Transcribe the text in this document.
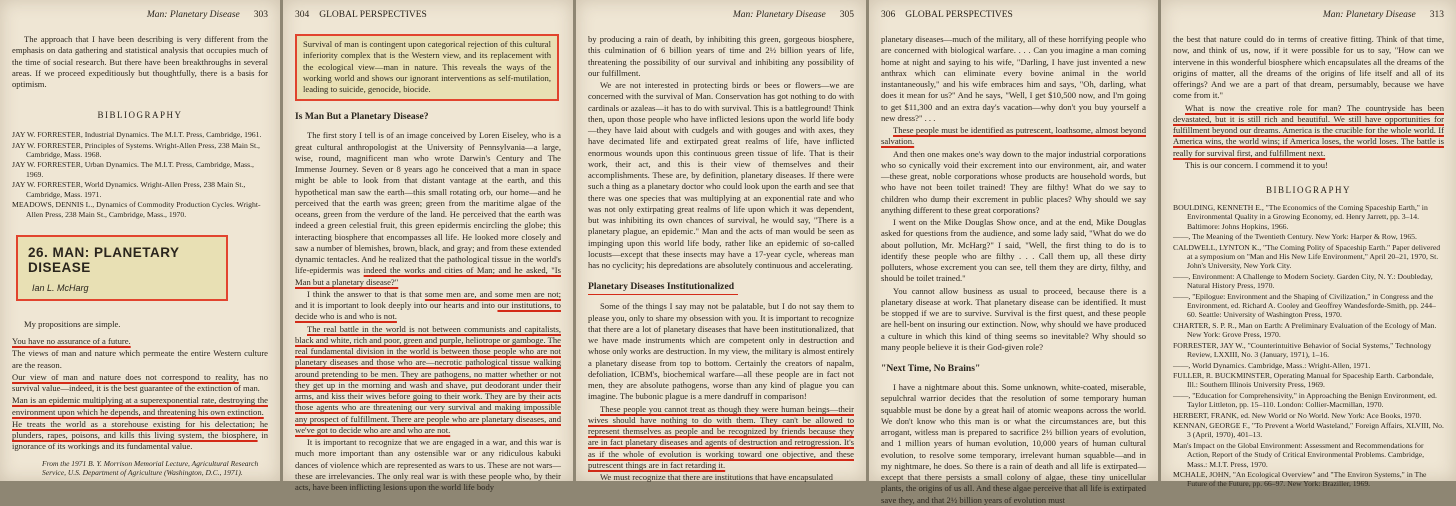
303
Man: Planetary Disease

The approach that I have been describing is very different from the emphasis on data gathering and statistical analysis that occupies much of the time of social research. But there have been breakthroughs in several areas. If we proceed expeditiously but thoughtfully, there is a basis for optimism.

BIBLIOGRAPHY
JAY W. FORRESTER, Industrial Dynamics. The M.I.T. Press, Cambridge, 1961.
JAY W. FORRESTER, Principles of Systems. Wright-Allen Press, 238 Main St., Cambridge, Mass. 1968.
JAY W. FORRESTER, Urban Dynamics. The M.I.T. Press, Cambridge, Mass., 1969.
JAY W. FORRESTER, World Dynamics. Wright-Allen Press, 238 Main St., Cambridge, Mass. 1971.
MEADOWS, DENNIS L., Dynamics of Commodity Production Cycles. Wright-Allen Press, 238 Main St., Cambridge, Mass., 1970.
26. MAN: PLANETARY DISEASE
Ian L. McHarg

My propositions are simple.

You have no assurance of a future.

The views of man and nature which permeate the entire Western culture are the reason.

Our view of man and nature does not correspond to reality, has no survival value—indeed, it is the best guarantee of the extinction of man.

Man is an epidemic multiplying at a superexponential rate, destroying the environment upon which he depends, and threatening his own extinction.

He treats the world as a storehouse existing for his delectation; he plunders, rapes, poisons, and kills this living system, the biosphere, in ignorance of its workings and its fundamental value.

From the 1971 B. Y. Morrison Memorial Lecture, Agricultural Research Service, U.S. Department of Agriculture (Washington, D.C., 1971).
304 GLOBAL PERSPECTIVES

Survival of man is contingent upon categorical rejection of this cultural inferiority complex that is the Western view, and its replacement with the ecological view—man in nature. This reveals the ways of the working world and shows our ignorant interventions as self-mutilation, leading to suicide, genocide, biocide.

Is Man But a Planetary Disease?

The first story I tell is of an image conceived by Loren Eiseley, who is a great cultural anthropologist at the University of Pennsylvania—a large, wise, round, magnificent man who wrote Darwin's Century and The Immense Journey. Seven or 8 years ago he conceived that a man in space might be able to look from that distant vantage at the earth, and this hypothetical man saw the earth—this small rotating orb, our home—and he perceived that the earth was green; green from the maritime algae of the oceans, green from the verdure of the land. He perceived that the earth was indeed a green celestial fruit, this green epidermis encircling the globe; this interacting biosphere that encompasses all life. He looked more closely and saw a number of blemishes, brown, black, and gray; and from these extended dynamic tentacles. And he realized that the pathological tissue in the world's life-epidermis was indeed the works and cities of Man; and he asked, "Is Man but a planetary disease?"

I think the answer to that is that some men are, and some men are not; and it is important to look deeply into our hearts and into our institutions, to decide who is and who is not.

The real battle in the world is not between communists and capitalists, black and white, rich and poor, green and purple, heliotrope or gamboge. The real fundamental division in the world is between those people who are not planetary diseases and those who are—necrotic pathological tissue walking around pretending to be men. They are pathogens, no matter whether or not they get up in the morning and wash and shave, put deodorant under their arms, and kiss their wives before going to their work. They are by their acts those agents who are threatening our very survival and making impossible any prospect of fulfillment. There are people who are planetary diseases, and we've got to decide who are and who are not.

It is important to recognize that we are engaged in a war, and this war is much more important than any ostensible war or any ridiculous kabuki dances of violence which are represented as wars to us. These are not wars—these are irrelevancies. The only real war is with these people who, by their acts, have been inflicting lesions upon the world life body

305
Man: Planetary Disease

by producing a rain of death, by inhibiting this green, gorgeous biosphere, this culmination of 6 billion years of time and 2½ billion years of life, threatening the possibility of our survival and inhibiting any possibility of our fulfillment.

We are not interested in protecting birds or bees or flowers—we are concerned with the survival of Man. Conservation has got nothing to do with cardinals or azaleas—it has to do with survival. This is a battleground! Think then, upon those people who have inflicted lesions upon the world life body—they have laid about with cudgels and with gouges and with axes, they have decimated life and extirpated great realms of life, have inflicted enormous wounds upon this continuous green tissue of life. That is their work, their act, and this is their view of themselves and their accomplishments. These are, by definition, planetary diseases. If there were such a thing as a planetary doctor who could look upon the earth and see that there was one species that was multiplying at an exponential rate and who was not only extirpating great realms of life upon which it was dependent, but was inhibiting its own chances of survival, he would say, "There is a planetary plague, an epidemic." Man and the acts of man would be seen as impinging upon this world life body, rather like an epidemic of so-called locusts—except that these insects may have a 17-year cycle, whereas man has no cyclicity; his depredations are absolutely continuous and accelerating.

Planetary Diseases Institutionalized

Some of the things I say may not be palatable, but I do not say them to please you, only to share my obsession with you. It is important to recognize that there are a lot of planetary diseases that have been institutionalized, that we have made instruments which are competent only in destruction and whose only works are destruction. In my view, the military is almost entirely a planetary disease from top to bottom. Certainly the creators of napalm, defoliation, ICBM's, biochemical warfare—all these people are in fact not men, they are absolute pathogens, worse than any kind of plague you can imagine. The bubonic plague is a mere dandruff in comparison!

These people you cannot treat as though they were human beings—their wives should have nothing to do with them. They can't be allowed to represent themselves as people and be recognized by friends because they are in fact planetary diseases and agents of destruction and retrogression. It's as if the whole of evolution is working toward one objective, and these putrescent things are in fact retarding it.

We must recognize that there are institutions that have encapsulated

306 GLOBAL PERSPECTIVES

planetary diseases—much of the military, all of these horrifying people who are concerned with biological warfare. . . . Can you imagine a man coming home at night and saying to his wife, "Darling, I have just invented a new anthrax which can eliminate every bovine animal in the world instantaneously," and his wife embraces him and says, "Oh, darling, what does it mean for us?" And he says, "Well, I get $10,500 now, and I'm going to get $11,300 and an extra day's vacation—why don't you buy yourself a new dress?" . . .

These people must be identified as putrescent, loathsome, almost beyond salvation.

And then one makes one's way down to the major industrial corporations who so cynically void their excrement into our environment, air, and water—these great, noble corporations whose products are household words, but who have not been toilet trained! They are filthy! What do we say to children who dump their excrement in public places? Why should we say anything different to these great corporations?

I went on the Mike Douglas Show once, and at the end, Mike Douglas asked for questions from the audience, and some lady said, "What do we do about pollution, Mr. McHarg?" I said, "Well, the first thing to do is to identify these people who are filthy . . . Call them up, all these dirty polluters, whose excrement you can see, tell them they are dirty, filthy, and should be toilet trained."

You cannot allow business as usual to proceed, because there is a planetary disease at work. That planetary disease can be identified. It must be stopped if we are to survive. Survival is the first quest, and these people are hell-bent on insuring our extinction. Now, why should we have produced a culture in which this kind of thing seems so inevitable? Why should so many people believe it is their God-given role?

"Next Time, No Brains"

I have a nightmare about this. Some unknown, white-coated, miserable, sepulchral warrior decides that the resolution of some temporary human squabble must be done by a great hail of atomic weapons across the world. We don't know who this man is or what the circumstances are, but this arrogant, witless man is prepared to sacrifice 2½ billion years of evolution, and 1 million years of human evolution, 10,000 years of human cultural evolution, to resolve some temporary, irrelevant human squabble—and in my nightmare, he does. So there is a rain of death and all life is extirpated—except that there persists a small colony of algae, these tiny unicellular plants, the origins of us all. And these algae perceive that all life is extirpated save they, and that 2½ billion years of evolution must

313
Man: Planetary Disease

the best that nature could do in terms of creative fitting. Think of that time, now, and think of us, now, if it were possible for us to say, "How can we intervene in this wonderful biosphere which encapsulates all the dreams of the origins of matter, all the dreams of the origins of life itself and all of its offerings? And we are a part of that dream, persumably, because we have come from it."

What is now the creative role for man? The countryside has been devastated, but it is still rich and beautiful. We still have opportunities for fulfillment beyond our dreams. America is the crucible for the whole world. If America wins, the world wins; if America loses, the world loses. The battle is really for survival first, and fulfillment next.

This is our concern. I commend it to you!

BIBLIOGRAPHY
BOULDING, KENNETH E., "The Economics of the Coming Spaceship Earth," in Environmental Quality in a Growing Economy, ed. Henry Jarrett, pp. 3–14. Baltimore: Johns Hopkins, 1966.
——, The Meaning of the Twentieth Century. New York: Harper & Row, 1965.
CALDWELL, LYNTON K., "The Coming Polity of Spaceship Earth." Paper delivered at a symposium on "Man and His New Life Environment," April 20–21, 1970, St. John's University, New York City.
——, Environment: A Challenge to Modern Society. Garden City, N. Y.: Doubleday, Natural History Press, 1970.
——, "Epilogue: Environment and the Shaping of Civilization," in Congress and the Environment, ed. Richard A. Cooley and Geoffrey Wandesforde-Smith, pp. 244–60. Seattle: University of Washington Press, 1970.
CHARTER, S. P. R., Man on Earth: A Preliminary Evaluation of the Ecology of Man. New York: Grove Press, 1970.
FORRESTER, JAY W., "Counterintuitive Behavior of Social Systems," Technology Review, LXXIII, No. 3 (January, 1971), 1–16.
——, World Dynamics. Cambridge, Mass.: Wright-Allen, 1971.
FULLER, R. BUCKMINSTER, Operating Manual for Spaceship Earth. Carbondale, Ill.: Southern Illinois University Press, 1969.
——, "Education for Comprehensivity," in Approaching the Benign Environment, ed. Taylor Littleton, pp. 15–110. London: Collier-Macmillan, 1970.
HERBERT, FRANK, ed. New World or No World. New York: Ace Books, 1970.
KENNAN, GEORGE F., "To Prevent a World Wasteland," Foreign Affairs, XLVIII, No. 3 (April, 1970), 401–13.
Man's Impact on the Global Environment: Assessment and Recommendations for Action, Report of the Study of Critical Environmental Problems. Cambridge, Mass.: M.I.T. Press, 1970.
MCHALE, JOHN, "An Ecological Overview" and "The Environ Systems," in The Future of the Future, pp. 66–97. New York: Braziller, 1969.
